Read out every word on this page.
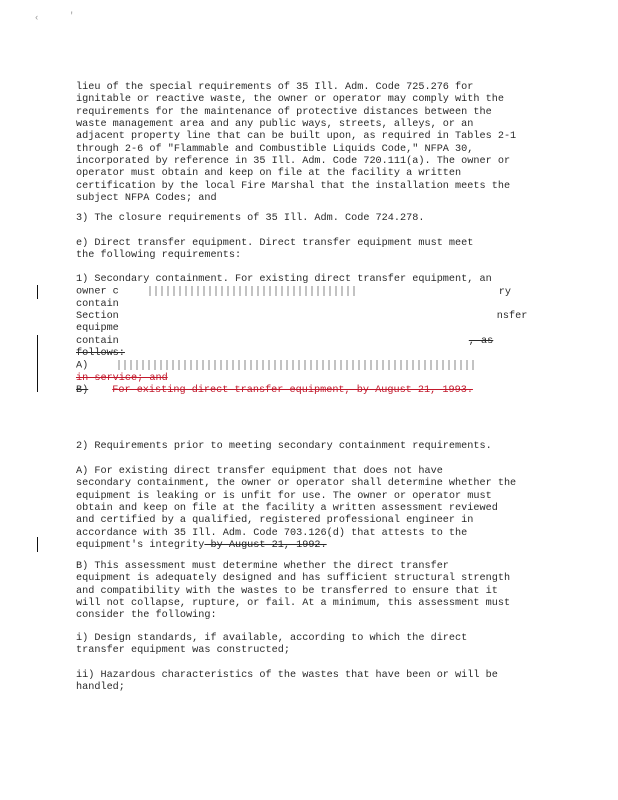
‹	'
lieu of the special requirements of 35 Ill. Adm. Code 725.276 for
ignitable or reactive waste, the owner or operator may comply with the
requirements for the maintenance of protective distances between the
waste management area and any public ways, streets, alleys, or an
adjacent property line that can be built upon, as required in Tables 2-1
through 2-6 of "Flammable and Combustible Liquids Code," NFPA 30,
incorporated by reference in 35 Ill. Adm. Code 720.111(a). The owner or
operator must obtain and keep on file at the facility a written
certification by the local Fire Marshal that the installation meets the
subject NFPA Codes; and
3) The closure requirements of 35 Ill. Adm. Code 724.278.
e) Direct transfer equipment. Direct transfer equipment must meet
the following requirements:
1) Secondary containment. For existing direct transfer equipment, an
owner c	ry
contain
Section	nsfer
equipme
contain	, as
follows:
A)
in service; and
B) For existing direct transfer equipment, by August 21, 1993.
2) Requirements prior to meeting secondary containment requirements.
A) For existing direct transfer equipment that does not have
secondary containment, the owner or operator shall determine whether the
equipment is leaking or is unfit for use. The owner or operator must
obtain and keep on file at the facility a written assessment reviewed
and certified by a qualified, registered professional engineer in
accordance with 35 Ill. Adm. Code 703.126(d) that attests to the
equipment's integrity by August 21, 1992.
B) This assessment must determine whether the direct transfer
equipment is adequately designed and has sufficient structural strength
and compatibility with the wastes to be transferred to ensure that it
will not collapse, rupture, or fail. At a minimum, this assessment must
consider the following:
i) Design standards, if available, according to which the direct
transfer equipment was constructed;
ii) Hazardous characteristics of the wastes that have been or will be
handled;
